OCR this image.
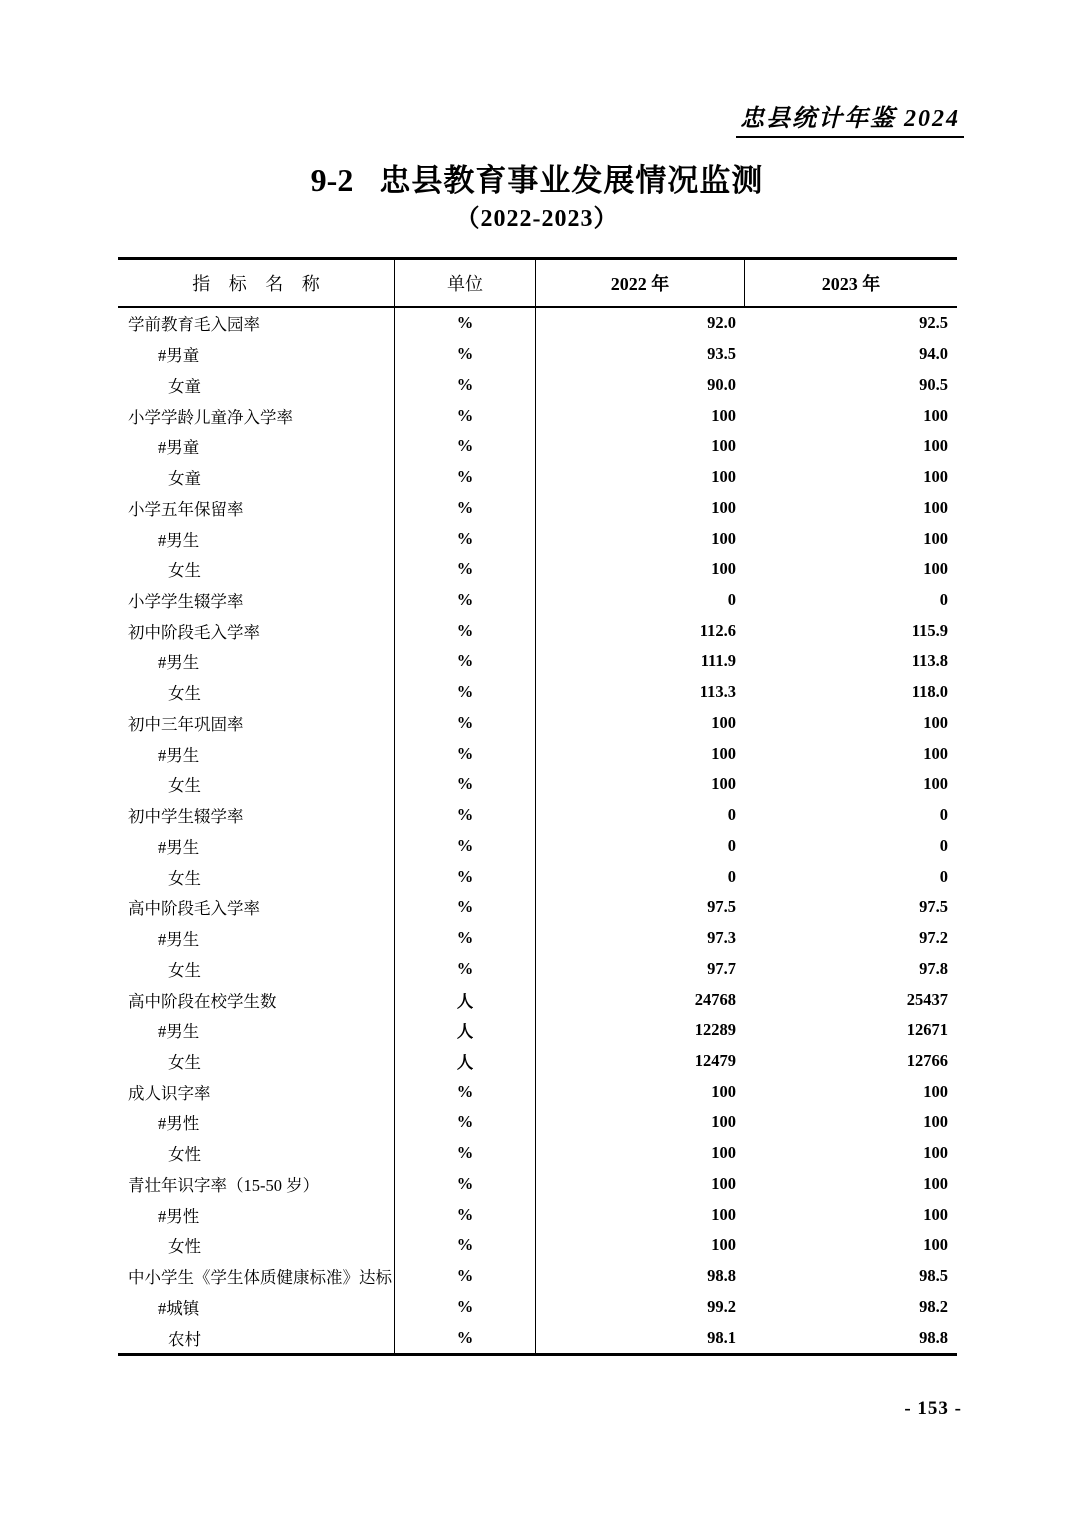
忠县统计年鉴 2024
9-2 忠县教育事业发展情况监测
（2022-2023）
指 标 名 称	单位	2022 年	2023 年
学前教育毛入园率	%	92.0	92.5
#男童	%	93.5	94.0
女童	%	90.0	90.5
小学学龄儿童净入学率	%	100	100
#男童	%	100	100
女童	%	100	100
小学五年保留率	%	100	100
#男生	%	100	100
女生	%	100	100
小学学生辍学率	%	0	0
初中阶段毛入学率	%	112.6	115.9
#男生	%	111.9	113.8
女生	%	113.3	118.0
初中三年巩固率	%	100	100
#男生	%	100	100
女生	%	100	100
初中学生辍学率	%	0	0
#男生	%	0	0
女生	%	0	0
高中阶段毛入学率	%	97.5	97.5
#男生	%	97.3	97.2
女生	%	97.7	97.8
高中阶段在校学生数	人	24768	25437
#男生	人	12289	12671
女生	人	12479	12766
成人识字率	%	100	100
#男性	%	100	100
女性	%	100	100
青壮年识字率（15-50 岁）	%	100	100
#男性	%	100	100
女性	%	100	100
中小学生《学生体质健康标准》达标	%	98.8	98.5
#城镇	%	99.2	98.2
农村	%	98.1	98.8
- 153 -
